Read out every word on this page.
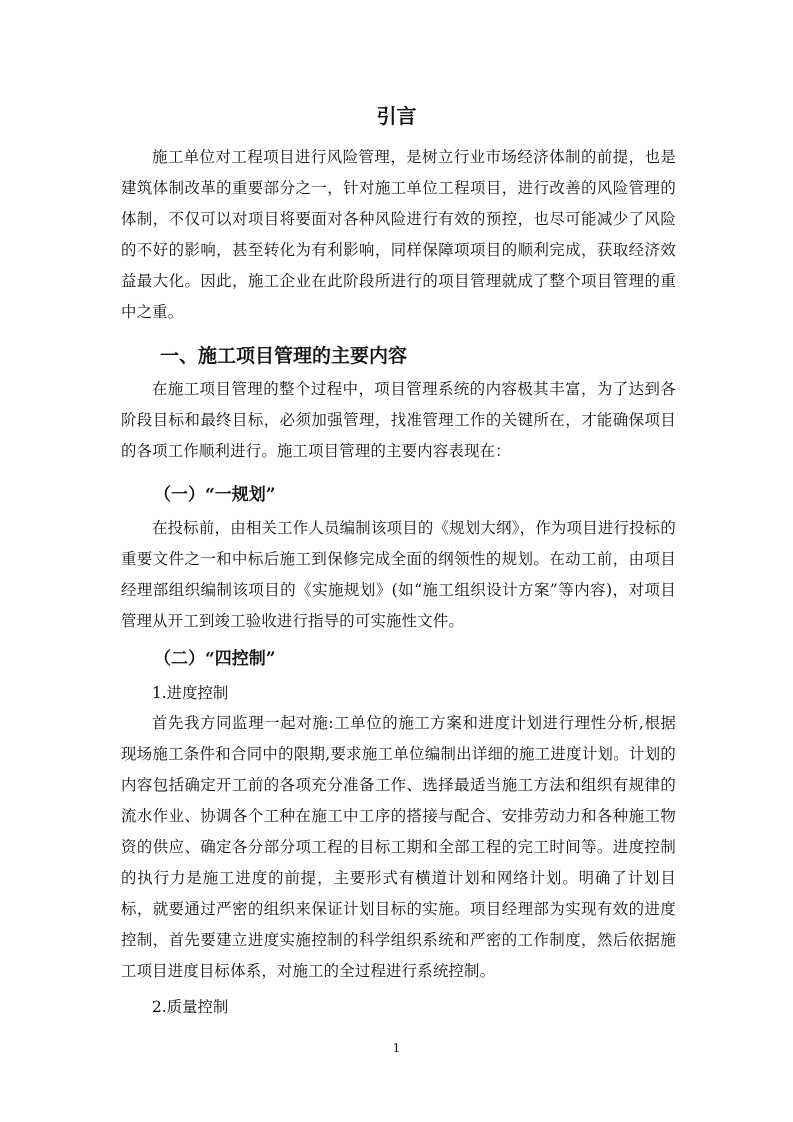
引言

施工单位对工程项目进行风险管理，是树立行业市场经济体制的前提，也是建筑体制改革的重要部分之一，针对施工单位工程项目，进行改善的风险管理的体制，不仅可以对项目将要面对各种风险进行有效的预控，也尽可能减少了风险的不好的影响，甚至转化为有利影响，同样保障项项目的顺利完成，获取经济效益最大化。因此，施工企业在此阶段所进行的项目管理就成了整个项目管理的重中之重。

一、施工项目管理的主要内容

在施工项目管理的整个过程中，项目管理系统的内容极其丰富，为了达到各阶段目标和最终目标，必须加强管理，找准管理工作的关键所在，才能确保项目的各项工作顺利进行。施工项目管理的主要内容表现在：

（一）“一规划”

在投标前，由相关工作人员编制该项目的《规划大纲》，作为项目进行投标的重要文件之一和中标后施工到保修完成全面的纲领性的规划。在动工前，由项目经理部组织编制该项目的《实施规划》(如“施工组织设计方案”等内容)，对项目管理从开工到竣工验收进行指导的可实施性文件。

（二）“四控制”

1.进度控制

首先我方同监理一起对施:工单位的施工方案和进度计划进行理性分析,根据现场施工条件和合同中的限期,要求施工单位编制出详细的施工进度计划。计划的内容包括确定开工前的各项充分准备工作、选择最适当施工方法和组织有规律的流水作业、协调各个工种在施工中工序的搭接与配合、安排劳动力和各种施工物资的供应、确定各分部分项工程的目标工期和全部工程的完工时间等。进度控制的执行力是施工进度的前提，主要形式有横道计划和网络计划。明确了计划目标，就要通过严密的组织来保证计划目标的实施。项目经理部为实现有效的进度控制，首先要建立进度实施控制的科学组织系统和严密的工作制度，然后依据施工项目进度目标体系，对施工的全过程进行系统控制。

2.质量控制

1
